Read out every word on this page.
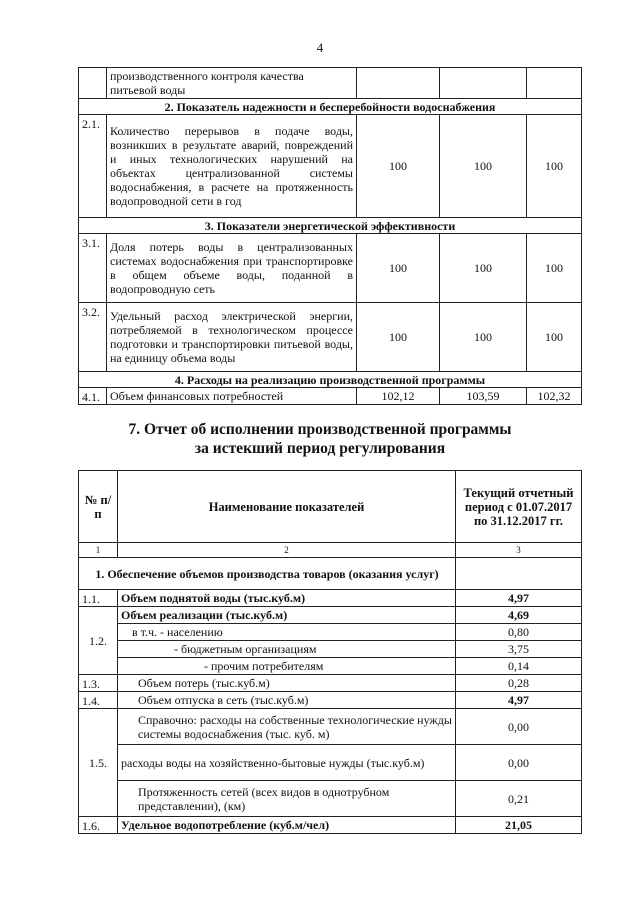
4
	производственного контроля качества питьевой воды			
2. Показатель надежности и бесперебойности водоснабжения				
2.1.	Количество перерывов в подаче воды, возникших в результате аварий, повреждений и иных технологических нарушений на объектах централизованной системы водоснабжения, в расчете на протяженность водопроводной сети в год	100	100	100
3. Показатели энергетической эффективности				
3.1.	Доля потерь воды в централизованных системах водоснабжения при транспортировке в общем объеме воды, поданной в водопроводную сеть	100	100	100
3.2.	Удельный расход электрической энергии, потребляемой в технологическом процессе подготовки и транспортировки питьевой воды, на единицу объема воды	100	100	100
4. Расходы на реализацию производственной программы				
4.1.	Объем финансовых потребностей	102,12	103,59	102,32
7. Отчет об исполнении производственной программы
за истекший период регулирования
№ п/п	Наименование показателей	Текущий отчетный период с 01.07.2017 по 31.12.2017 гг.
1	2	3
1. Обеспечение объемов производства товаров (оказания услуг)		
1.1.	Объем поднятой воды (тыс.куб.м)	4,97
1.2.	Объем реализации (тыс.куб.м)	4,69
	в т.ч. - населению	0,80
	- бюджетным организациям	3,75
	- прочим потребителям	0,14
1.3.	Объем потерь (тыс.куб.м)	0,28
1.4.	Объем отпуска в сеть (тыс.куб.м)	4,97
1.5.	Справочно: расходы на собственные технологические нужды системы водоснабжения (тыс. куб. м)	0,00
	расходы воды на хозяйственно-бытовые нужды (тыс.куб.м)	0,00
	Протяженность сетей (всех видов в однотрубном представлении), (км)	0,21
1.6.	Удельное водопотребление (куб.м/чел)	21,05
